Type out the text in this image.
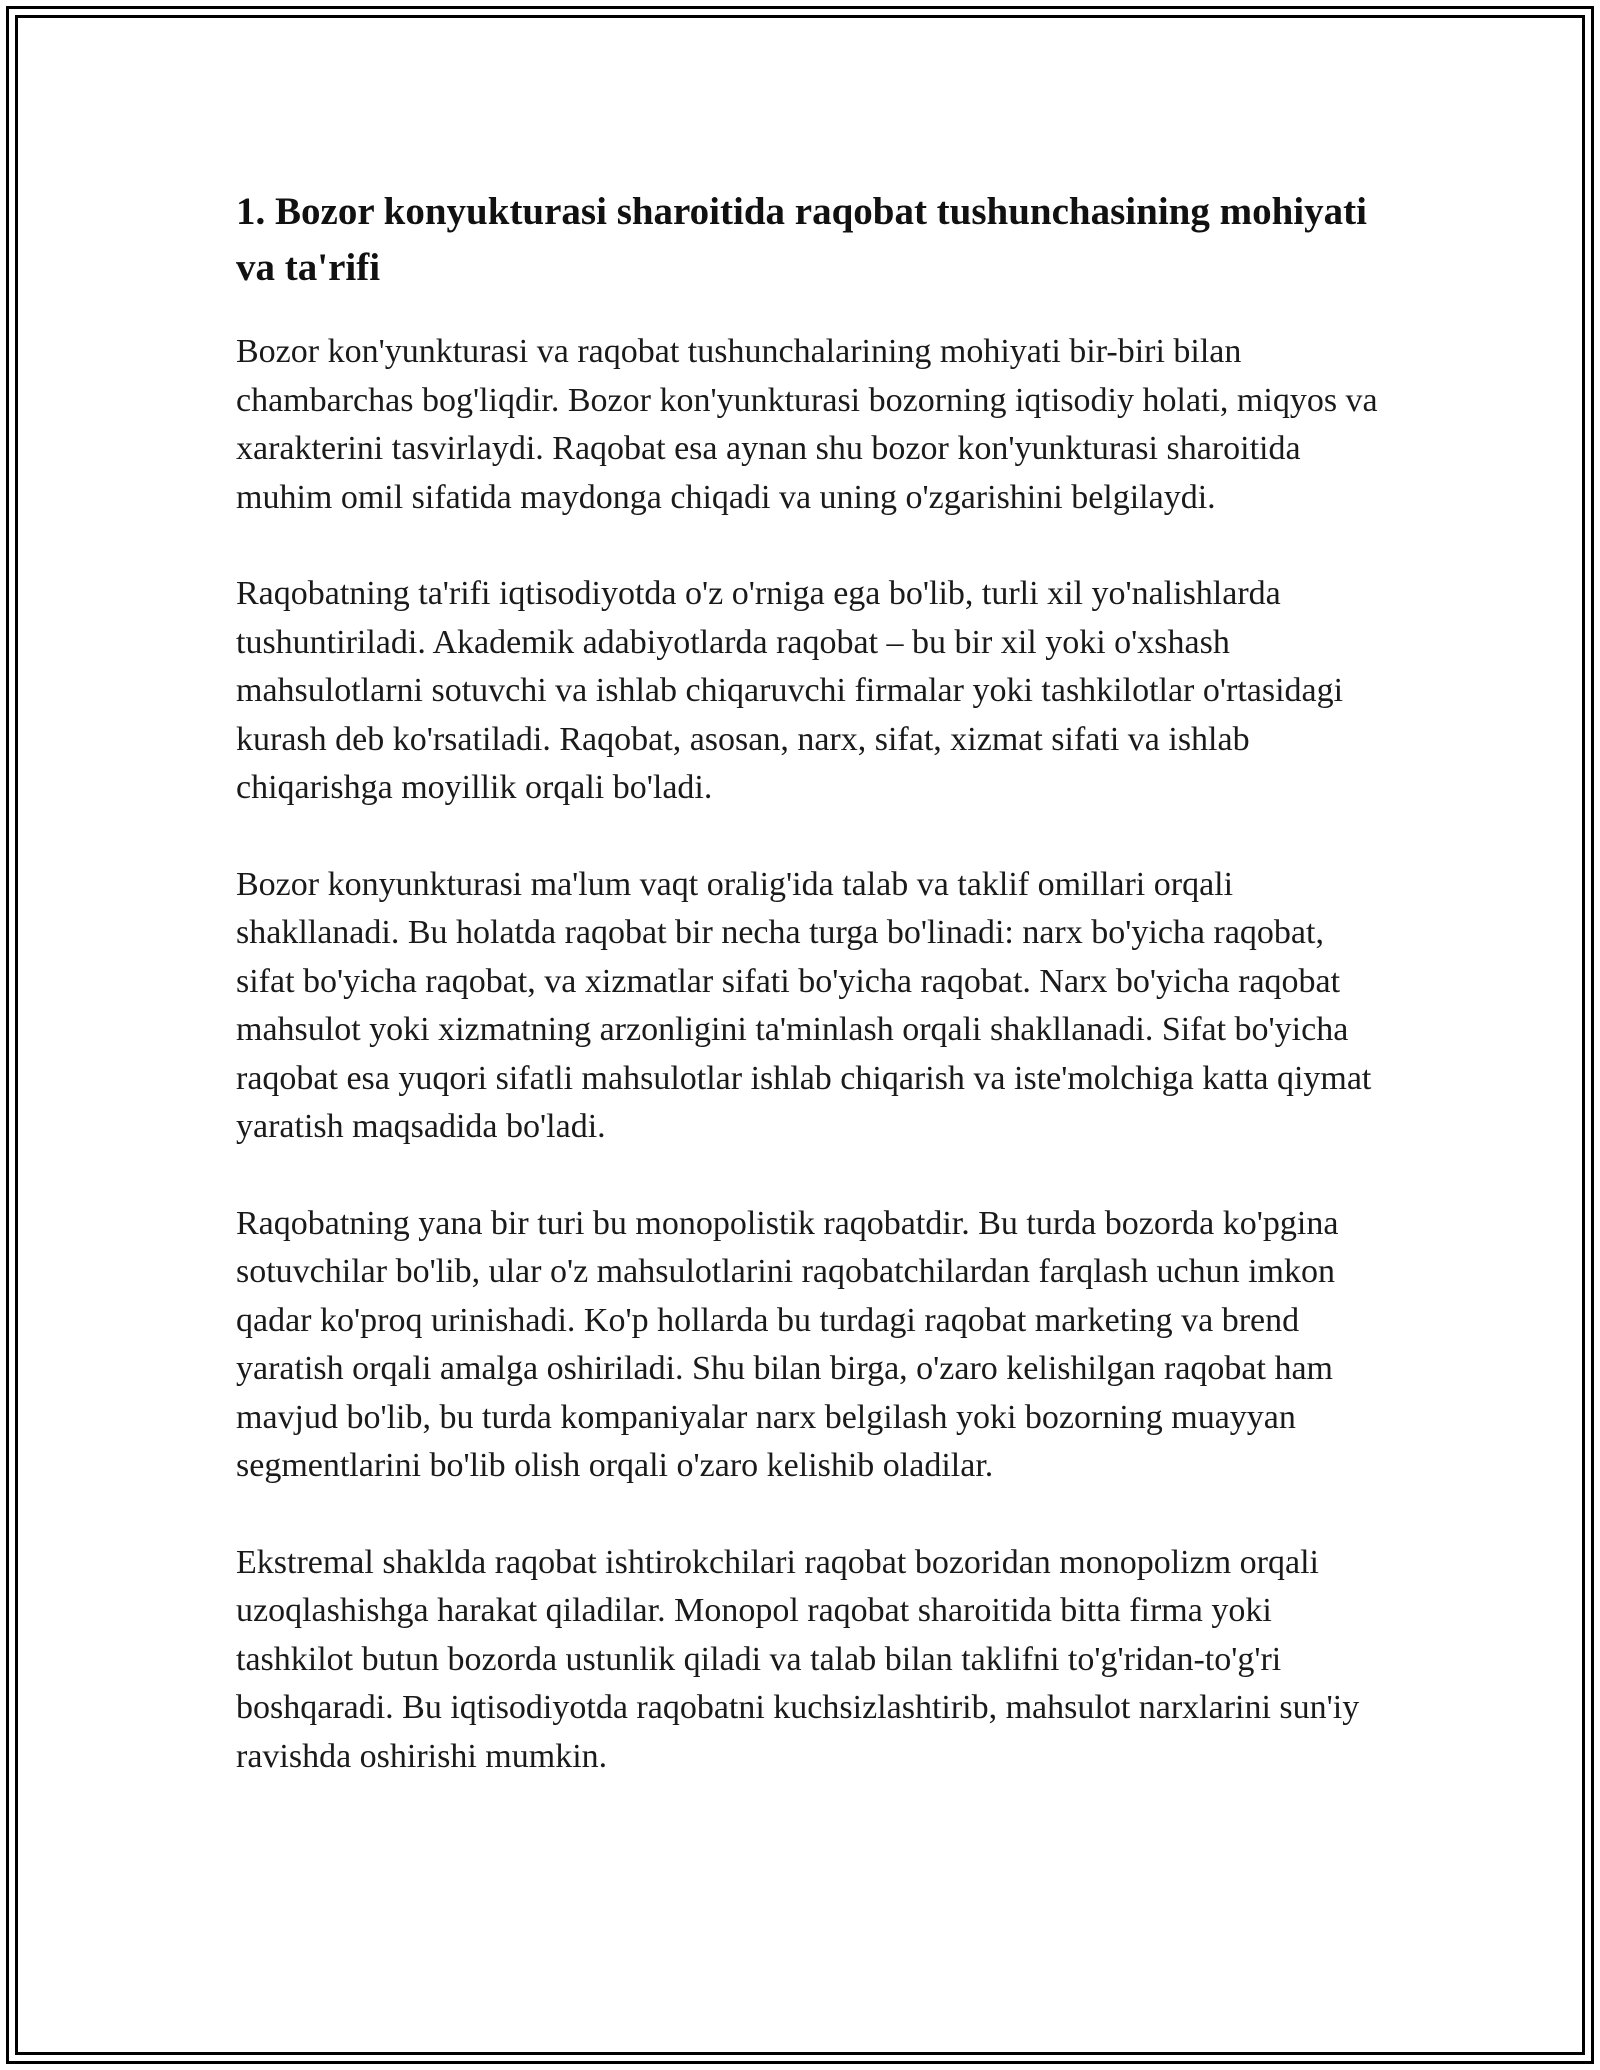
1. Bozor konyukturasi sharoitida raqobat tushunchasining mohiyati va ta'rifi

Bozor kon'yunkturasi va raqobat tushunchalarining mohiyati bir-biri bilan chambarchas bog'liqdir. Bozor kon'yunkturasi bozorning iqtisodiy holati, miqyos va xarakterini tasvirlaydi. Raqobat esa aynan shu bozor kon'yunkturasi sharoitida muhim omil sifatida maydonga chiqadi va uning o'zgarishini belgilaydi.

Raqobatning ta'rifi iqtisodiyotda o'z o'rniga ega bo'lib, turli xil yo'nalishlarda tushuntiriladi. Akademik adabiyotlarda raqobat – bu bir xil yoki o'xshash mahsulotlarni sotuvchi va ishlab chiqaruvchi firmalar yoki tashkilotlar o'rtasidagi kurash deb ko'rsatiladi. Raqobat, asosan, narx, sifat, xizmat sifati va ishlab chiqarishga moyillik orqali bo'ladi.

Bozor konyunkturasi ma'lum vaqt oralig'ida talab va taklif omillari orqali shakllanadi. Bu holatda raqobat bir necha turga bo'linadi: narx bo'yicha raqobat, sifat bo'yicha raqobat, va xizmatlar sifati bo'yicha raqobat. Narx bo'yicha raqobat mahsulot yoki xizmatning arzonligini ta'minlash orqali shakllanadi. Sifat bo'yicha raqobat esa yuqori sifatli mahsulotlar ishlab chiqarish va iste'molchiga katta qiymat yaratish maqsadida bo'ladi.

Raqobatning yana bir turi bu monopolistik raqobatdir. Bu turda bozorda ko'pgina sotuvchilar bo'lib, ular o'z mahsulotlarini raqobatchilardan farqlash uchun imkon qadar ko'proq urinishadi. Ko'p hollarda bu turdagi raqobat marketing va brend yaratish orqali amalga oshiriladi. Shu bilan birga, o'zaro kelishilgan raqobat ham mavjud bo'lib, bu turda kompaniyalar narx belgilash yoki bozorning muayyan segmentlarini bo'lib olish orqali o'zaro kelishib oladilar.

Ekstremal shaklda raqobat ishtirokchilari raqobat bozoridan monopolizm orqali uzoqlashishga harakat qiladilar. Monopol raqobat sharoitida bitta firma yoki tashkilot butun bozorda ustunlik qiladi va talab bilan taklifni to'g'ridan-to'g'ri boshqaradi. Bu iqtisodiyotda raqobatni kuchsizlashtirib, mahsulot narxlarini sun'iy ravishda oshirishi mumkin.
